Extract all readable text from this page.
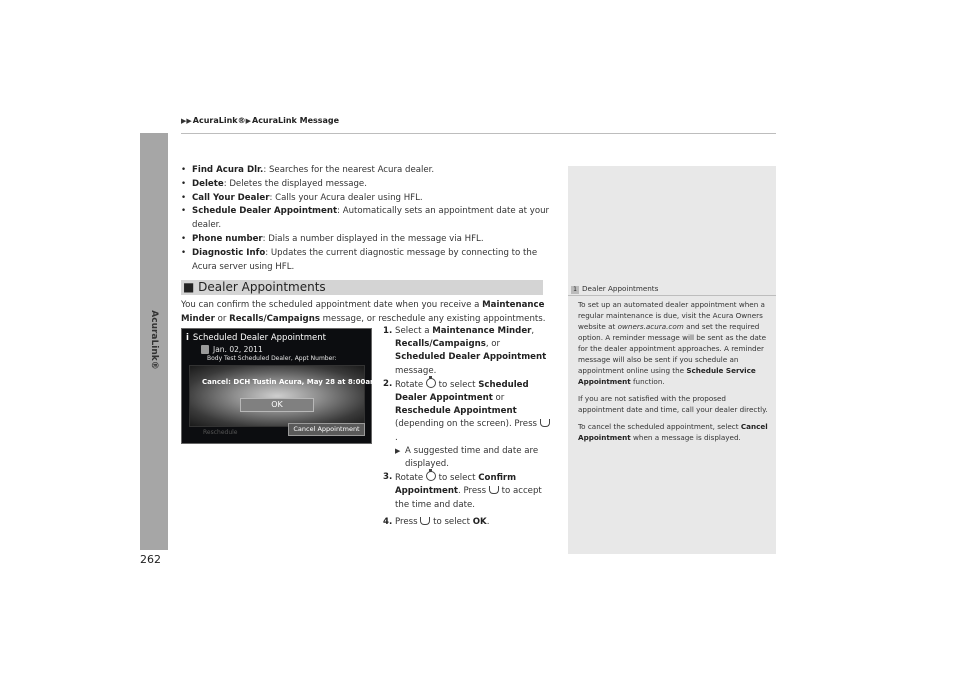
AcuraLink®
▶▶AcuraLink®▶AcuraLink Message
• Find Acura Dlr.: Searches for the nearest Acura dealer.
• Delete: Deletes the displayed message.
• Call Your Dealer: Calls your Acura dealer using HFL.
• Schedule Dealer Appointment: Automatically sets an appointment date at your dealer.
• Phone number: Dials a number displayed in the message via HFL.
• Diagnostic Info: Updates the current diagnostic message by connecting to the Acura server using HFL.
■ Dealer Appointments
You can confirm the scheduled appointment date when you receive a Maintenance Minder or Recalls/Campaigns message, or reschedule any existing appointments.
ⅰ Scheduled Dealer Appointment
Jan. 02, 2011
Body Test Scheduled Dealer, Appt Number:
Cancel: DCH Tustin Acura, May 28 at 8:00am
OK
Reschedule	Cancel Appointment
1. Select a Maintenance Minder, Recalls/Campaigns, or Scheduled Dealer Appointment message.
2. Rotate  to select Scheduled Dealer Appointment or Reschedule Appointment (depending on the screen). Press .
▶ A suggested time and date are displayed.
3. Rotate  to select Confirm Appointment. Press  to accept the time and date.
4. Press  to select OK.
1 Dealer Appointments

To set up an automated dealer appointment when a regular maintenance is due, visit the Acura Owners website at owners.acura.com and set the required option. A reminder message will be sent as the date for the dealer appointment approaches. A reminder message will also be sent if you schedule an appointment online using the Schedule Service Appointment function.

If you are not satisfied with the proposed appointment date and time, call your dealer directly.

To cancel the scheduled appointment, select Cancel Appointment when a message is displayed.

262
